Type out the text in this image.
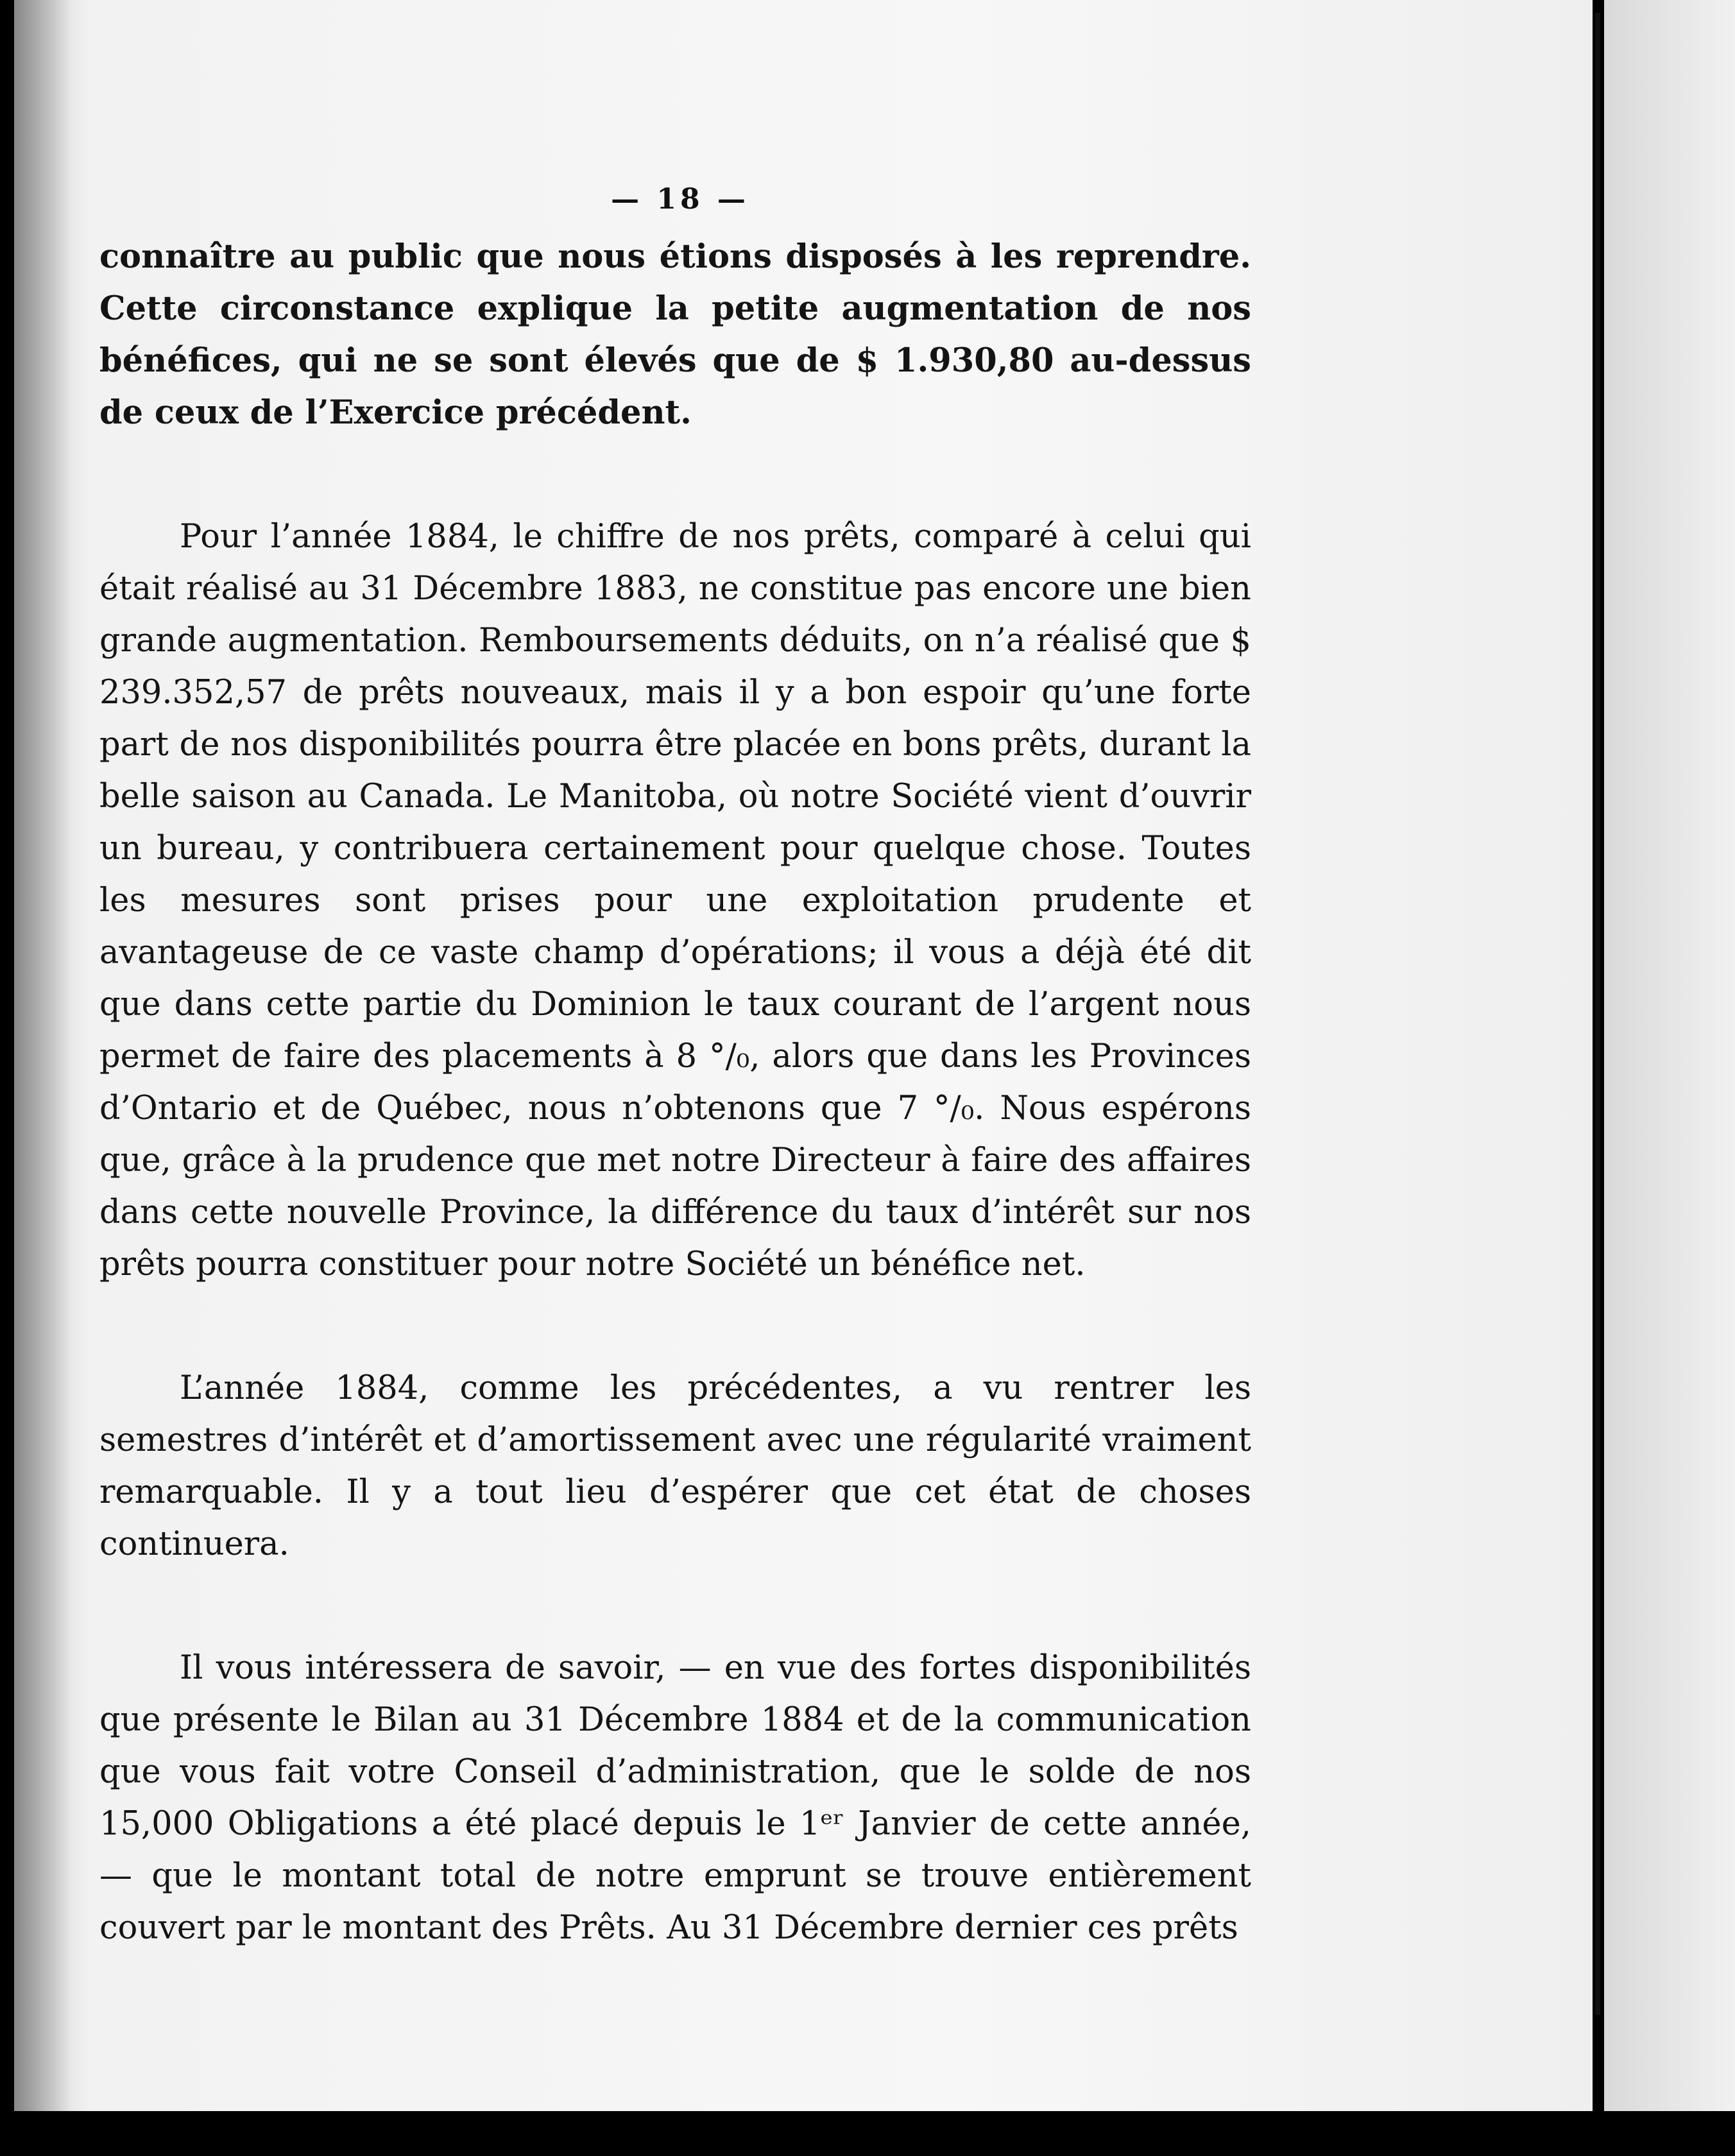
— 18 —

connaître au public que nous étions disposés à les reprendre. Cette circonstance explique la petite augmentation de nos bénéfices, qui ne se sont élevés que de $ 1.930,80 au-dessus de ceux de l’Exercice précédent.

Pour l’année 1884, le chiffre de nos prêts, comparé à celui qui était réalisé au 31 Décembre 1883, ne constitue pas encore une bien grande augmentation. Remboursements déduits, on n’a réalisé que $ 239.352,57 de prêts nouveaux, mais il y a bon espoir qu’une forte part de nos disponibilités pourra être placée en bons prêts, durant la belle saison au Canada. Le Manitoba, où notre Société vient d’ouvrir un bureau, y contribuera certainement pour quelque chose. Toutes les mesures sont prises pour une exploitation prudente et avantageuse de ce vaste champ d’opérations; il vous a déjà été dit que dans cette partie du Dominion le taux courant de l’argent nous permet de faire des placements à 8 °/₀, alors que dans les Provinces d’Ontario et de Québec, nous n’obtenons que 7 °/₀. Nous espérons que, grâce à la prudence que met notre Directeur à faire des affaires dans cette nouvelle Province, la différence du taux d’intérêt sur nos prêts pourra constituer pour notre Société un bénéfice net.

L’année 1884, comme les précédentes, a vu rentrer les semestres d’intérêt et d’amortissement avec une régularité vraiment remarquable. Il y a tout lieu d’espérer que cet état de choses continuera.

Il vous intéressera de savoir, — en vue des fortes disponibilités que présente le Bilan au 31 Décembre 1884 et de la communication que vous fait votre Conseil d’administration, que le solde de nos 15,000 Obligations a été placé depuis le 1ᵉʳ Janvier de cette année, — que le montant total de notre emprunt se trouve entièrement couvert par le montant des Prêts. Au 31 Décembre dernier ces prêts
